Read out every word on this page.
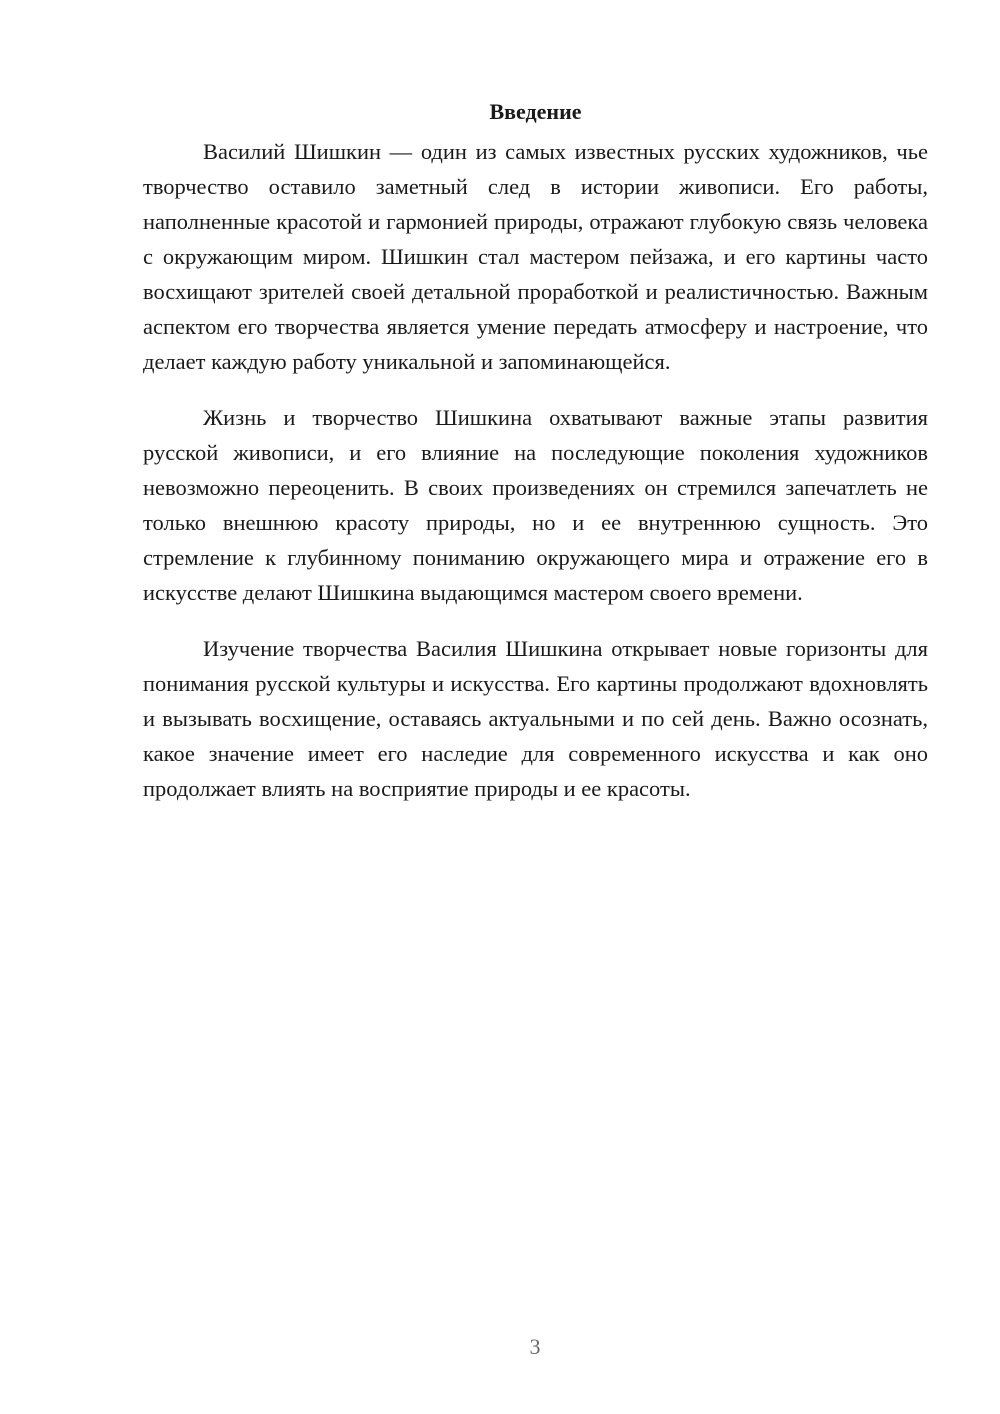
Введение

Василий Шишкин — один из самых известных русских художников, чье творчество оставило заметный след в истории живописи. Его работы, наполненные красотой и гармонией природы, отражают глубокую связь человека с окружающим миром. Шишкин стал мастером пейзажа, и его картины часто восхищают зрителей своей детальной проработкой и реалистичностью. Важным аспектом его творчества является умение передать атмосферу и настроение, что делает каждую работу уникальной и запоминающейся.

Жизнь и творчество Шишкина охватывают важные этапы развития русской живописи, и его влияние на последующие поколения художников невозможно переоценить. В своих произведениях он стремился запечатлеть не только внешнюю красоту природы, но и ее внутреннюю сущность. Это стремление к глубинному пониманию окружающего мира и отражение его в искусстве делают Шишкина выдающимся мастером своего времени.

Изучение творчества Василия Шишкина открывает новые горизонты для понимания русской культуры и искусства. Его картины продолжают вдохновлять и вызывать восхищение, оставаясь актуальными и по сей день. Важно осознать, какое значение имеет его наследие для современного искусства и как оно продолжает влиять на восприятие природы и ее красоты.

3
